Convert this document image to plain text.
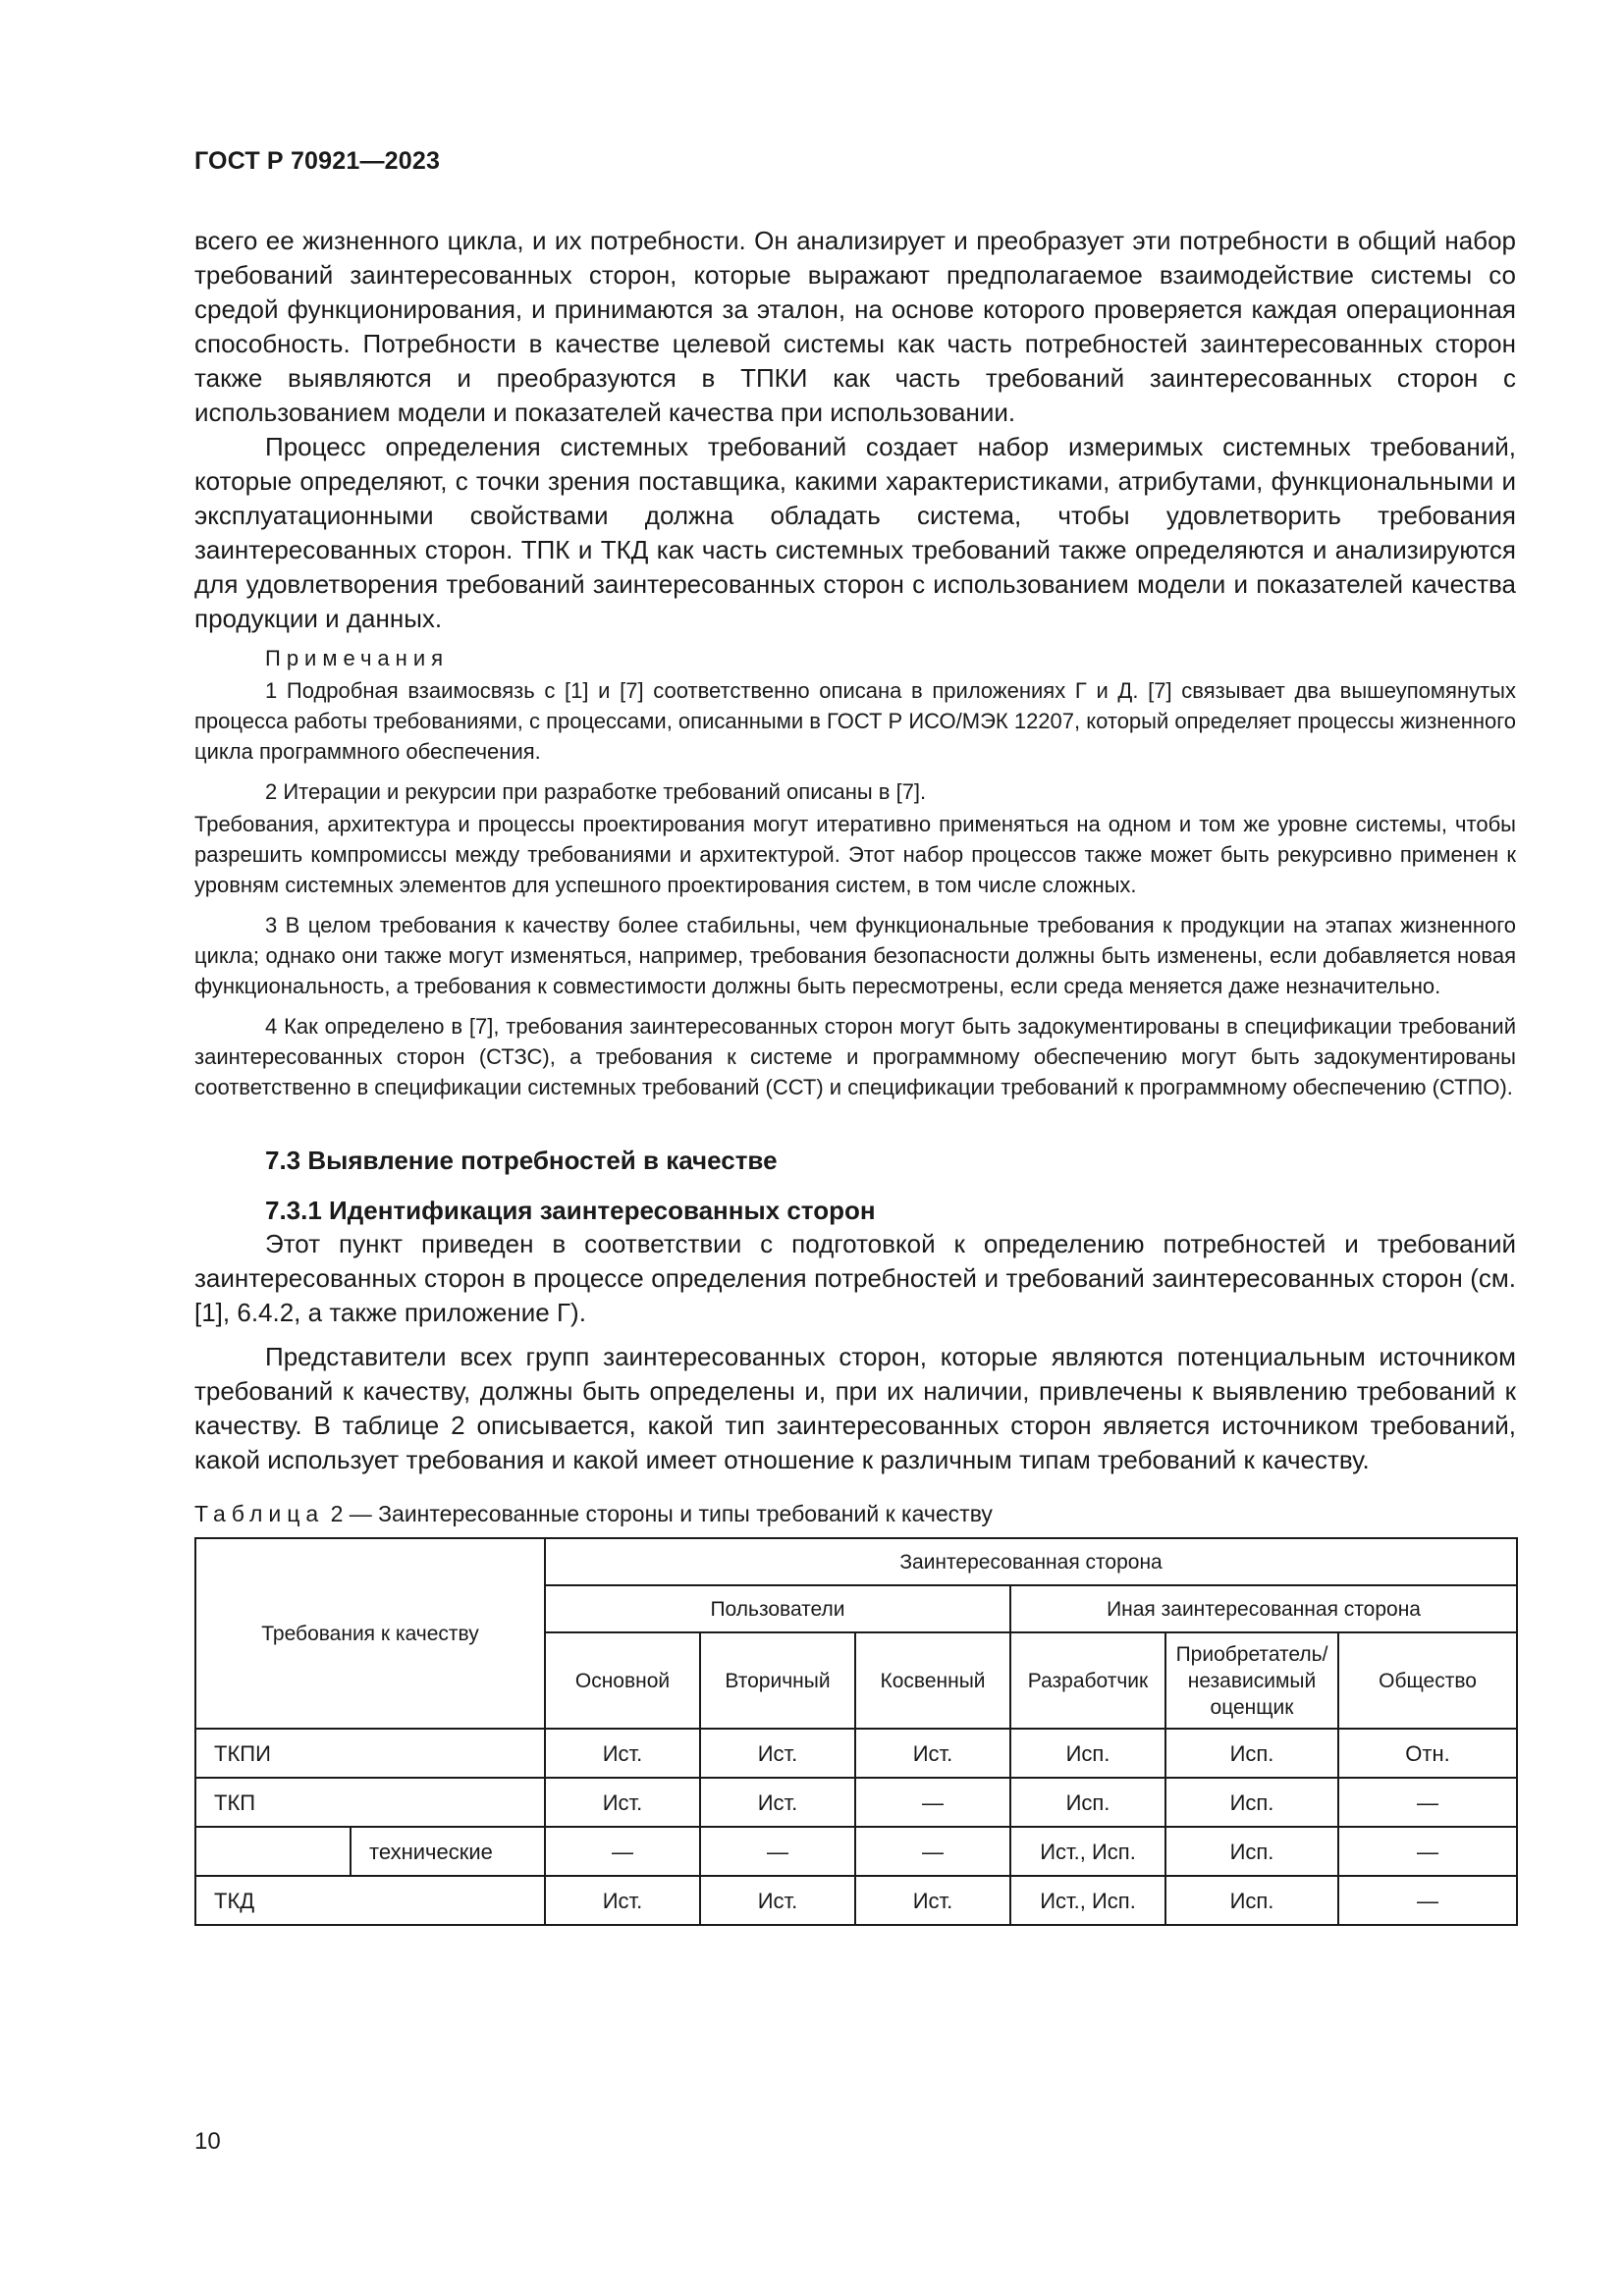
ГОСТ Р 70921—2023

всего ее жизненного цикла, и их потребности. Он анализирует и преобразует эти потребности в общий набор требований заинтересованных сторон, которые выражают предполагаемое взаимодействие системы со средой функционирования, и принимаются за эталон, на основе которого проверяется каждая операционная способность. Потребности в качестве целевой системы как часть потребностей заинтересованных сторон также выявляются и преобразуются в ТПКИ как часть требований заинтересованных сторон с использованием модели и показателей качества при использовании.

Процесс определения системных требований создает набор измеримых системных требований, которые определяют, с точки зрения поставщика, какими характеристиками, атрибутами, функциональными и эксплуатационными свойствами должна обладать система, чтобы удовлетворить требования заинтересованных сторон. ТПК и ТКД как часть системных требований также определяются и анализируются для удовлетворения требований заинтересованных сторон с использованием модели и показателей качества продукции и данных.

Примечания

1 Подробная взаимосвязь с [1] и [7] соответственно описана в приложениях Г и Д. [7] связывает два вышеупомянутых процесса работы требованиями, с процессами, описанными в ГОСТ Р ИСО/МЭК 12207, который определяет процессы жизненного цикла программного обеспечения.

2 Итерации и рекурсии при разработке требований описаны в [7].

Требования, архитектура и процессы проектирования могут итеративно применяться на одном и том же уровне системы, чтобы разрешить компромиссы между требованиями и архитектурой. Этот набор процессов также может быть рекурсивно применен к уровням системных элементов для успешного проектирования систем, в том числе сложных.

3 В целом требования к качеству более стабильны, чем функциональные требования к продукции на этапах жизненного цикла; однако они также могут изменяться, например, требования безопасности должны быть изменены, если добавляется новая функциональность, а требования к совместимости должны быть пересмотрены, если среда меняется даже незначительно.

4 Как определено в [7], требования заинтересованных сторон могут быть задокументированы в спецификации требований заинтересованных сторон (СТЗС), а требования к системе и программному обеспечению могут быть задокументированы соответственно в спецификации системных требований (ССТ) и спецификации требований к программному обеспечению (СТПО).

7.3 Выявление потребностей в качестве
7.3.1 Идентификация заинтересованных сторон

Этот пункт приведен в соответствии с подготовкой к определению потребностей и требований заинтересованных сторон в процессе определения потребностей и требований заинтересованных сторон (см. [1], 6.4.2, а также приложение Г).

Представители всех групп заинтересованных сторон, которые являются потенциальным источником требований к качеству, должны быть определены и, при их наличии, привлечены к выявлению требований к качеству. В таблице 2 описывается, какой тип заинтересованных сторон является источником требований, какой использует требования и какой имеет отношение к различным типам требований к качеству.

Таблица 2 — Заинтересованные стороны и типы требований к качеству
Требования к качеству		Заинтересованная сторона					
		Пользователи			Иная заинтересованная сторона		
		Основной	Вторичный	Косвенный	Разработчик	Приобретатель/ независимый оценщик	Общество
ТКПИ		Ист.	Ист.	Ист.	Исп.	Исп.	Отн.
ТКП		Ист.	Ист.	—	Исп.	Исп.	—
	технические	—	—	—	Ист., Исп.	Исп.	—
ТКД		Ист.	Ист.	Ист.	Ист., Исп.	Исп.	—
10
